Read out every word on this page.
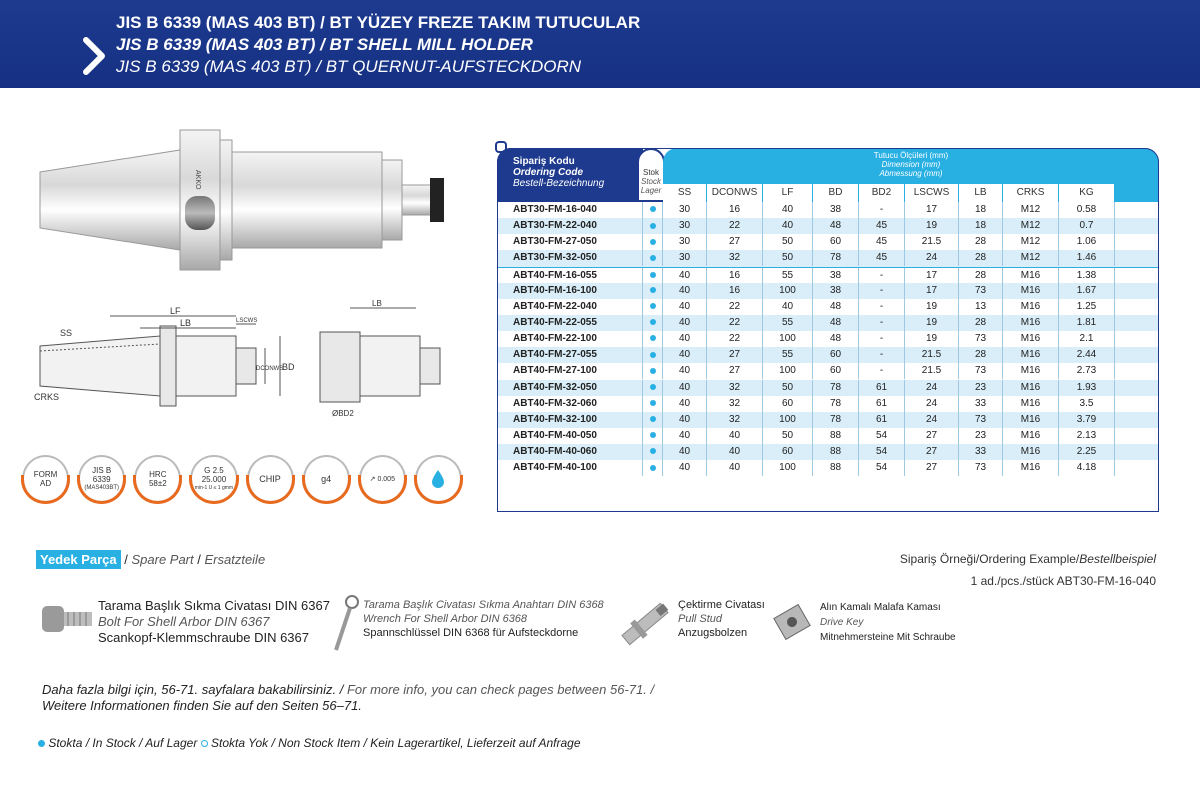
JIS B 6339 (MAS 403 BT) / BT YÜZEY FREZE TAKIM TUTUCULAR
JIS B 6339 (MAS 403 BT) / BT SHELL MILL HOLDER
JIS B 6339 (MAS 403 BT) / BT QUERNUT-AUFSTECKDORN
AKKO
LF
LB	LSCWS
SS
DCONWS
BD
CRKS
ØBD2
LB
FORM
AD
JIS B
6339
(MAS403BT)
HRC
58±2
G 2.5
25.000
min-1 U ≤ 1 gmm
CHIP	g4	↗ 0.005
Sipariş Kodu
Ordering Code
Bestell-Bezeichnung
Stok
Stock
Lager
Tutucu Ölçüleri (mm)
Dimension (mm)
Abmessung (mm)
SS	DCONWS	LF	BD	BD2	LSCWS	LB	CRKS	KG
ABT30-FM-16-040	30	16	40	38	-	17	18	M12	0.58
ABT30-FM-22-040	30	22	40	48	45	19	18	M12	0.7
ABT30-FM-27-050	30	27	50	60	45	21.5	28	M12	1.06
ABT30-FM-32-050	30	32	50	78	45	24	28	M12	1.46
ABT40-FM-16-055	40	16	55	38	-	17	28	M16	1.38
ABT40-FM-16-100	40	16	100	38	-	17	73	M16	1.67
ABT40-FM-22-040	40	22	40	48	-	19	13	M16	1.25
ABT40-FM-22-055	40	22	55	48	-	19	28	M16	1.81
ABT40-FM-22-100	40	22	100	48	-	19	73	M16	2.1
ABT40-FM-27-055	40	27	55	60	-	21.5	28	M16	2.44
ABT40-FM-27-100	40	27	100	60	-	21.5	73	M16	2.73
ABT40-FM-32-050	40	32	50	78	61	24	23	M16	1.93
ABT40-FM-32-060	40	32	60	78	61	24	33	M16	3.5
ABT40-FM-32-100	40	32	100	78	61	24	73	M16	3.79
ABT40-FM-40-050	40	40	50	88	54	27	23	M16	2.13
ABT40-FM-40-060	40	40	60	88	54	27	33	M16	2.25
ABT40-FM-40-100	40	40	100	88	54	27	73	M16	4.18
Yedek Parça / Spare Part / Ersatzteile	Sipariş Örneği/Ordering Example/Bestellbeispiel
1 ad./pcs./stück ABT30-FM-16-040
Tarama Başlık Sıkma Civatası DIN 6367
Bolt For Shell Arbor DIN 6367
Scankopf-Klemmschraube DIN 6367
Tarama Başlık Civatası Sıkma Anahtarı DIN 6368
Wrench For Shell Arbor DIN 6368
Spannschlüssel DIN 6368 für Aufsteckdorne
Çektirme Civatası
Pull Stud
Anzugsbolzen
Alın Kamalı Malafa Kaması
Drive Key
Mitnehmersteine Mit Schraube
Daha fazla bilgi için, 56-71. sayfalara bakabilirsiniz. / For more info, you can check pages between 56-71. /
Weitere Informationen finden Sie auf den Seiten 56–71.
Stokta / In Stock / Auf Lager Stokta Yok / Non Stock Item / Kein Lagerartikel, Lieferzeit auf Anfrage
